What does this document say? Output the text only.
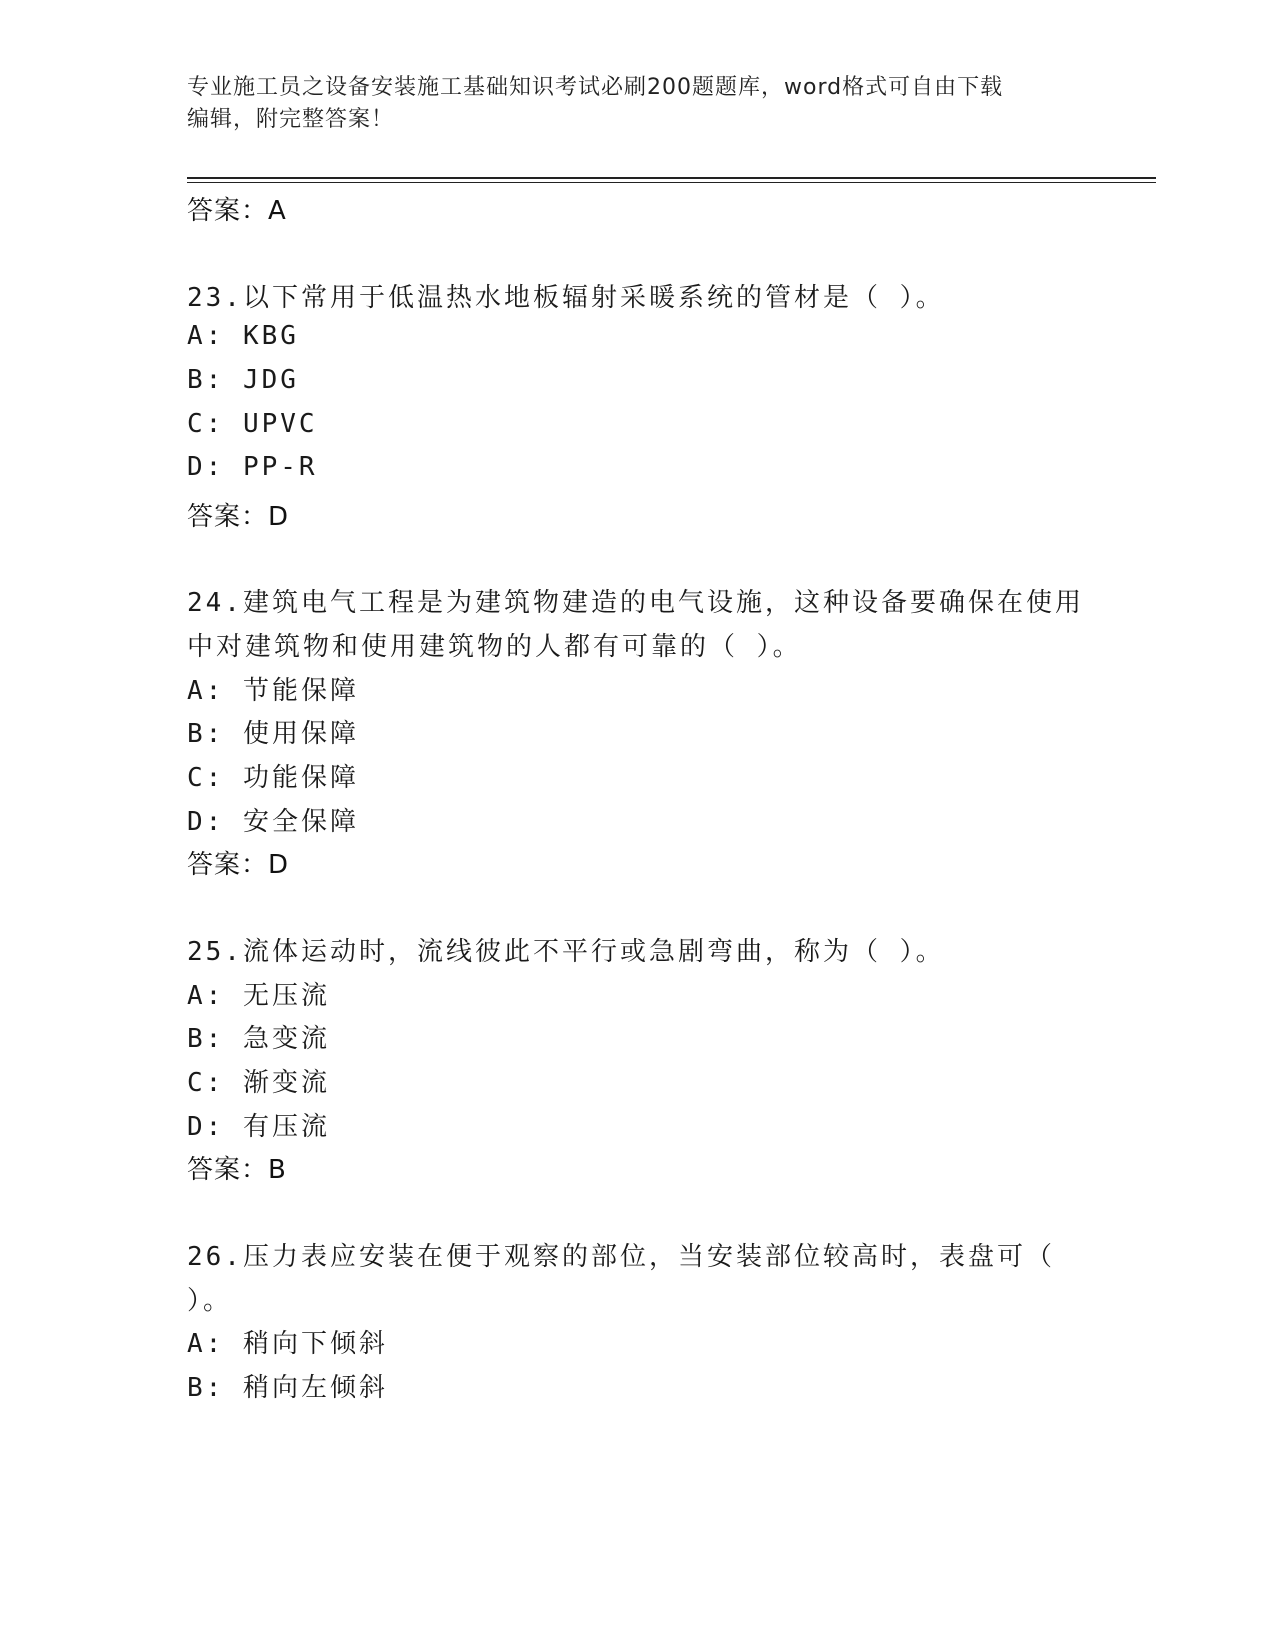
专业施工员之设备安装施工基础知识考试必刷200题题库，word格式可自由下载
编辑，附完整答案！
答案：A
23.以下常用于低温热水地板辐射采暖系统的管材是（ ）。
A: KBG
B: JDG
C: UPVC
D: PP-R
答案：D
24.建筑电气工程是为建筑物建造的电气设施，这种设备要确保在使用
中对建筑物和使用建筑物的人都有可靠的（ ）。
A: 节能保障
B: 使用保障
C: 功能保障
D: 安全保障
答案：D
25.流体运动时，流线彼此不平行或急剧弯曲，称为（ ）。
A: 无压流
B: 急变流
C: 渐变流
D: 有压流
答案：B
26.压力表应安装在便于观察的部位，当安装部位较高时，表盘可（
）。
A: 稍向下倾斜
B: 稍向左倾斜
